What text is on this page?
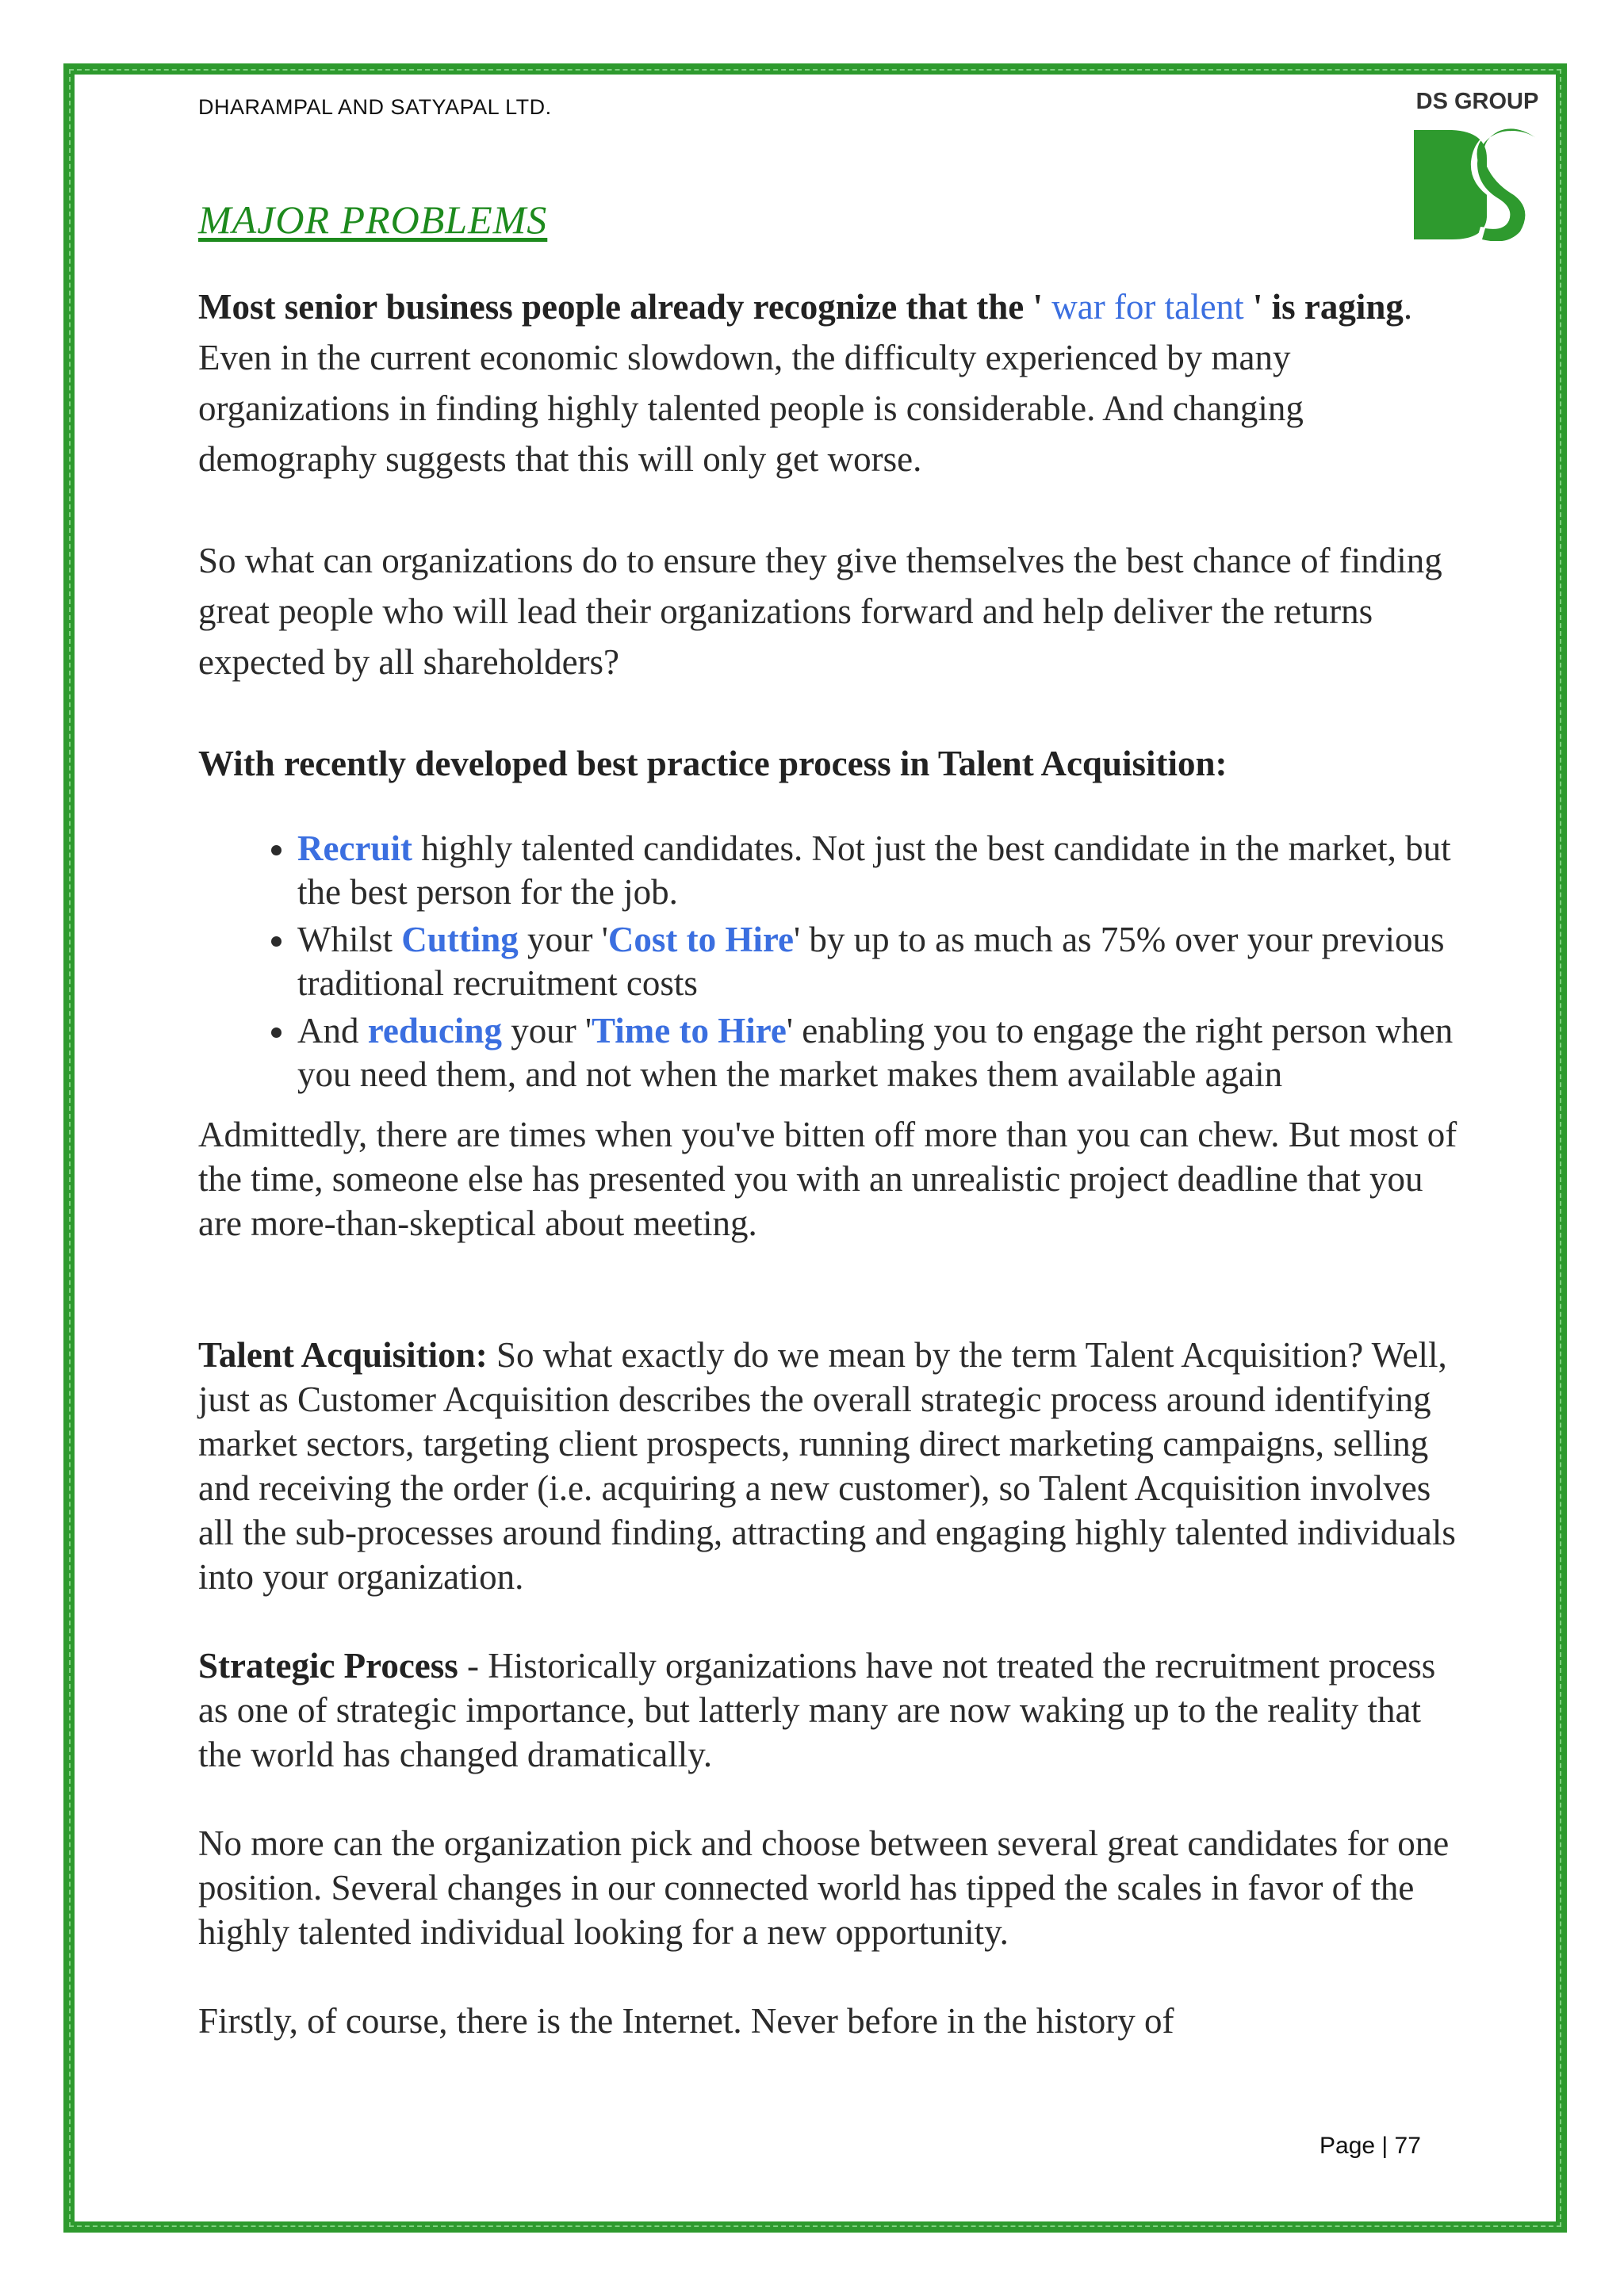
DHARAMPAL AND SATYAPAL LTD.	DS GROUP
MAJOR PROBLEMS

Most senior business people already recognize that the ' war for talent ' is raging. Even in the current economic slowdown, the difficulty experienced by many organizations in finding highly talented people is considerable. And changing demography suggests that this will only get worse.

So what can organizations do to ensure they give themselves the best chance of finding great people who will lead their organizations forward and help deliver the returns expected by all shareholders?

With recently developed best practice process in Talent Acquisition:

• Recruit highly talented candidates. Not just the best candidate in the market, but the best person for the job.
• Whilst Cutting your 'Cost to Hire' by up to as much as 75% over your previous traditional recruitment costs
• And reducing your 'Time to Hire' enabling you to engage the right person when you need them, and not when the market makes them available again

Admittedly, there are times when you've bitten off more than you can chew. But most of the time, someone else has presented you with an unrealistic project deadline that you are more-than-skeptical about meeting.

Talent Acquisition: So what exactly do we mean by the term Talent Acquisition? Well, just as Customer Acquisition describes the overall strategic process around identifying market sectors, targeting client prospects, running direct marketing campaigns, selling and receiving the order (i.e. acquiring a new customer), so Talent Acquisition involves all the sub-processes around finding, attracting and engaging highly talented individuals into your organization.

Strategic Process - Historically organizations have not treated the recruitment process as one of strategic importance, but latterly many are now waking up to the reality that the world has changed dramatically.

No more can the organization pick and choose between several great candidates for one position. Several changes in our connected world has tipped the scales in favor of the highly talented individual looking for a new opportunity.

Firstly, of course, there is the Internet. Never before in the history of

Page | 77
